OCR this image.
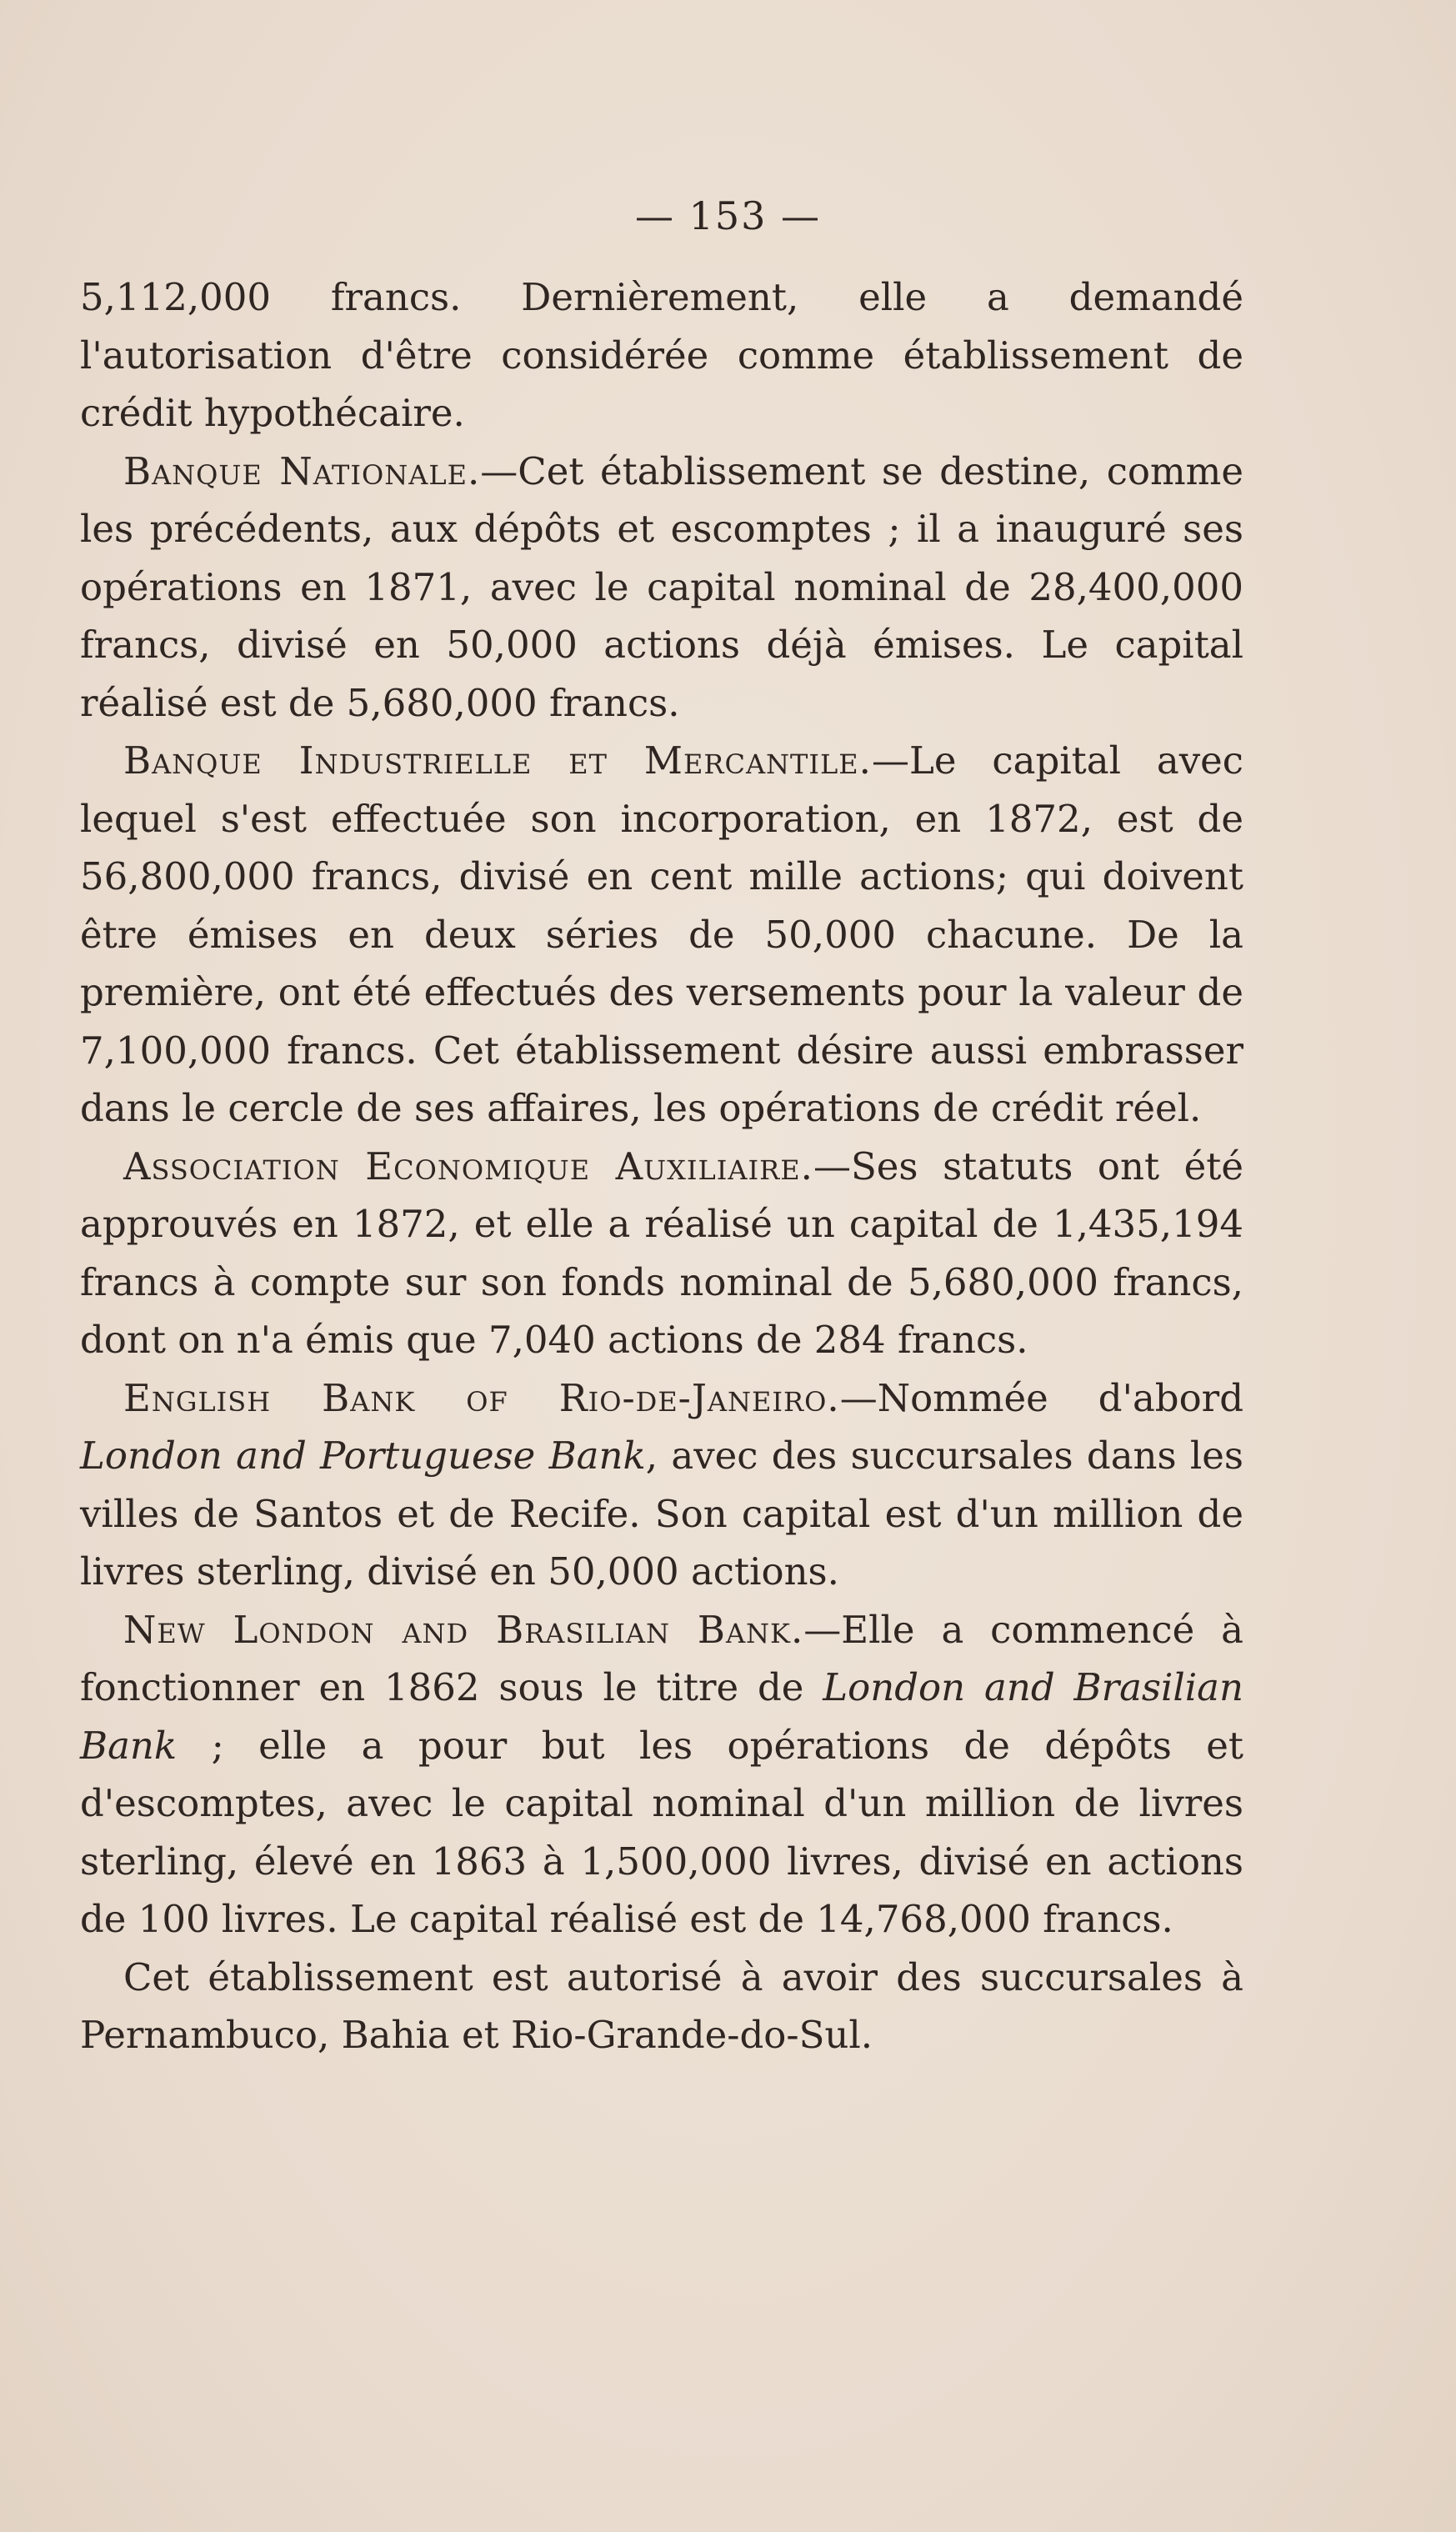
— 153 —

5,112,000 francs. Dernièrement, elle a demandé l'autorisation d'être considérée comme établissement de crédit hypothécaire.

Banque Nationale.—Cet établissement se destine, comme les précédents, aux dépôts et escomptes ; il a inauguré ses opérations en 1871, avec le capital nominal de 28,400,000 francs, divisé en 50,000 actions déjà émises. Le capital réalisé est de 5,680,000 francs.

Banque Industrielle et Mercantile.—Le capital avec lequel s'est effectuée son incorporation, en 1872, est de 56,800,000 francs, divisé en cent mille actions; qui doivent être émises en deux séries de 50,000 chacune. De la première, ont été effectués des versements pour la valeur de 7,100,000 francs. Cet établissement désire aussi embrasser dans le cercle de ses affaires, les opérations de crédit réel.

Association Economique Auxiliaire.—Ses statuts ont été approuvés en 1872, et elle a réalisé un capital de 1,435,194 francs à compte sur son fonds nominal de 5,680,000 francs, dont on n'a émis que 7,040 actions de 284 francs.

English Bank of Rio-de-Janeiro.—Nommée d'abord London and Portuguese Bank, avec des succursales dans les villes de Santos et de Recife. Son capital est d'un million de livres sterling, divisé en 50,000 actions.

New London and Brasilian Bank.—Elle a commencé à fonctionner en 1862 sous le titre de London and Brasilian Bank ; elle a pour but les opérations de dépôts et d'escomptes, avec le capital nominal d'un million de livres sterling, élevé en 1863 à 1,500,000 livres, divisé en actions de 100 livres. Le capital réalisé est de 14,768,000 francs.

Cet établissement est autorisé à avoir des succursales à Pernambuco, Bahia et Rio-Grande-do-Sul.
